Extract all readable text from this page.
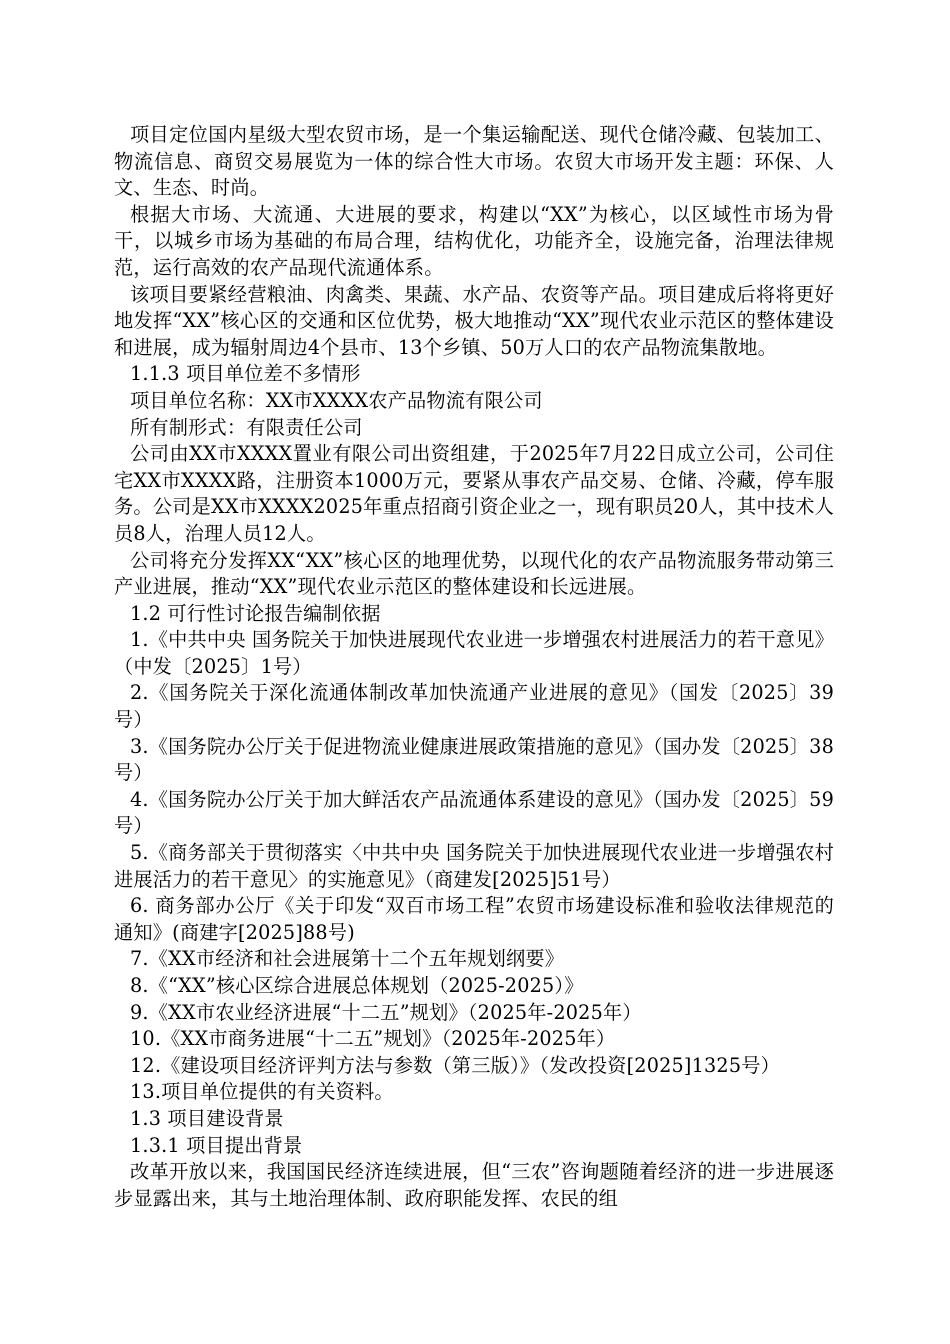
项目定位国内星级大型农贸市场，是一个集运输配送、现代仓储冷藏、包装加工、物流信息、商贸交易展览为一体的综合性大市场。农贸大市场开发主题：环保、人文、生态、时尚。

根据大市场、大流通、大进展的要求，构建以“XX”为核心，以区域性市场为骨干，以城乡市场为基础的布局合理，结构优化，功能齐全，设施完备，治理法律规范，运行高效的农产品现代流通体系。

该项目要紧经营粮油、肉禽类、果蔬、水产品、农资等产品。项目建成后将将更好地发挥“XX”核心区的交通和区位优势，极大地推动“XX”现代农业示范区的整体建设和进展，成为辐射周边4个县市、13个乡镇、50万人口的农产品物流集散地。

1.1.3 项目单位差不多情形

项目单位名称：XX市XXXX农产品物流有限公司

所有制形式：有限责任公司

公司由XX市XXXX置业有限公司出资组建，于2025年7月22日成立公司，公司住宅XX市XXXX路，注册资本1000万元，要紧从事农产品交易、仓储、冷藏，停车服务。公司是XX市XXXX2025年重点招商引资企业之一，现有职员20人，其中技术人员8人，治理人员12人。

公司将充分发挥XX“XX”核心区的地理优势，以现代化的农产品物流服务带动第三产业进展，推动“XX”现代农业示范区的整体建设和长远进展。

1.2 可行性讨论报告编制依据

1.《中共中央 国务院关于加快进展现代农业进一步增强农村进展活力的若干意见》（中发〔2025〕1号）

2.《国务院关于深化流通体制改革加快流通产业进展的意见》（国发〔2025〕39号）

3.《国务院办公厅关于促进物流业健康进展政策措施的意见》（国办发〔2025〕38号）

4.《国务院办公厅关于加大鲜活农产品流通体系建设的意见》（国办发〔2025〕59号）

5.《商务部关于贯彻落实〈中共中央 国务院关于加快进展现代农业进一步增强农村进展活力的若干意见〉的实施意见》（商建发[2025]51号）

6. 商务部办公厅《关于印发“双百市场工程”农贸市场建设标准和验收法律规范的通知》(商建字[2025]88号)

7.《XX市经济和社会进展第十二个五年规划纲要》

8.《“XX”核心区综合进展总体规划（2025-2025）》

9.《XX市农业经济进展“十二五”规划》（2025年-2025年）

10.《XX市商务进展“十二五”规划》（2025年-2025年）

12.《建设项目经济评判方法与参数（第三版）》（发改投资[2025]1325号）

13.项目单位提供的有关资料。

1.3 项目建设背景

1.3.1 项目提出背景

改革开放以来，我国国民经济连续进展，但“三农”咨询题随着经济的进一步进展逐步显露出来，其与土地治理体制、政府职能发挥、农民的组
